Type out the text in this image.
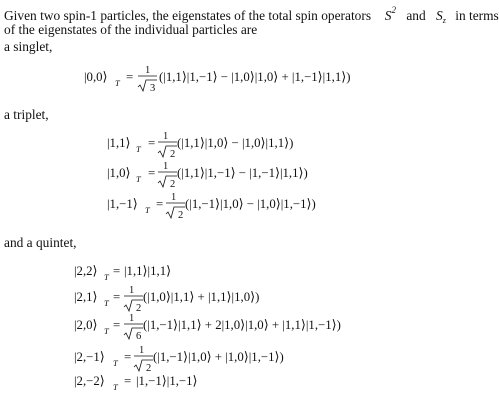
Given two spin-1 particles, the eigenstates of the total spin operators $S^2$ and $S_z$ in terms
of the eigenstates of the individual particles are
a singlet,
a triplet,
and a quintet,
|0,0⟩ T = 1
3
(|1,1⟩|1,−1⟩ − |1,0⟩|1,0⟩ + |1,−1⟩|1,1⟩)
|1,1⟩ T = 1
2
(|1,1⟩|1,0⟩ − |1,0⟩|1,1⟩)
|1,0⟩ T = 1
2
(|1,1⟩|1,−1⟩ − |1,−1⟩|1,1⟩)
|1,−1⟩ T = 1
2
(|1,−1⟩|1,0⟩ − |1,0⟩|1,−1⟩)
|2,2⟩ T = |1,1⟩|1,1⟩
|2,1⟩ T = 1
2
(|1,0⟩|1,1⟩ + |1,1⟩|1,0⟩)
|2,0⟩ T = 1
6
(|1,−1⟩|1,1⟩ + 2|1,0⟩|1,0⟩ + |1,1⟩|1,−1⟩)
|2,−1⟩ T = 1
2
(|1,−1⟩|1,0⟩ + |1,0⟩|1,−1⟩)
|2,−2⟩ T = |1,−1⟩|1,−1⟩
